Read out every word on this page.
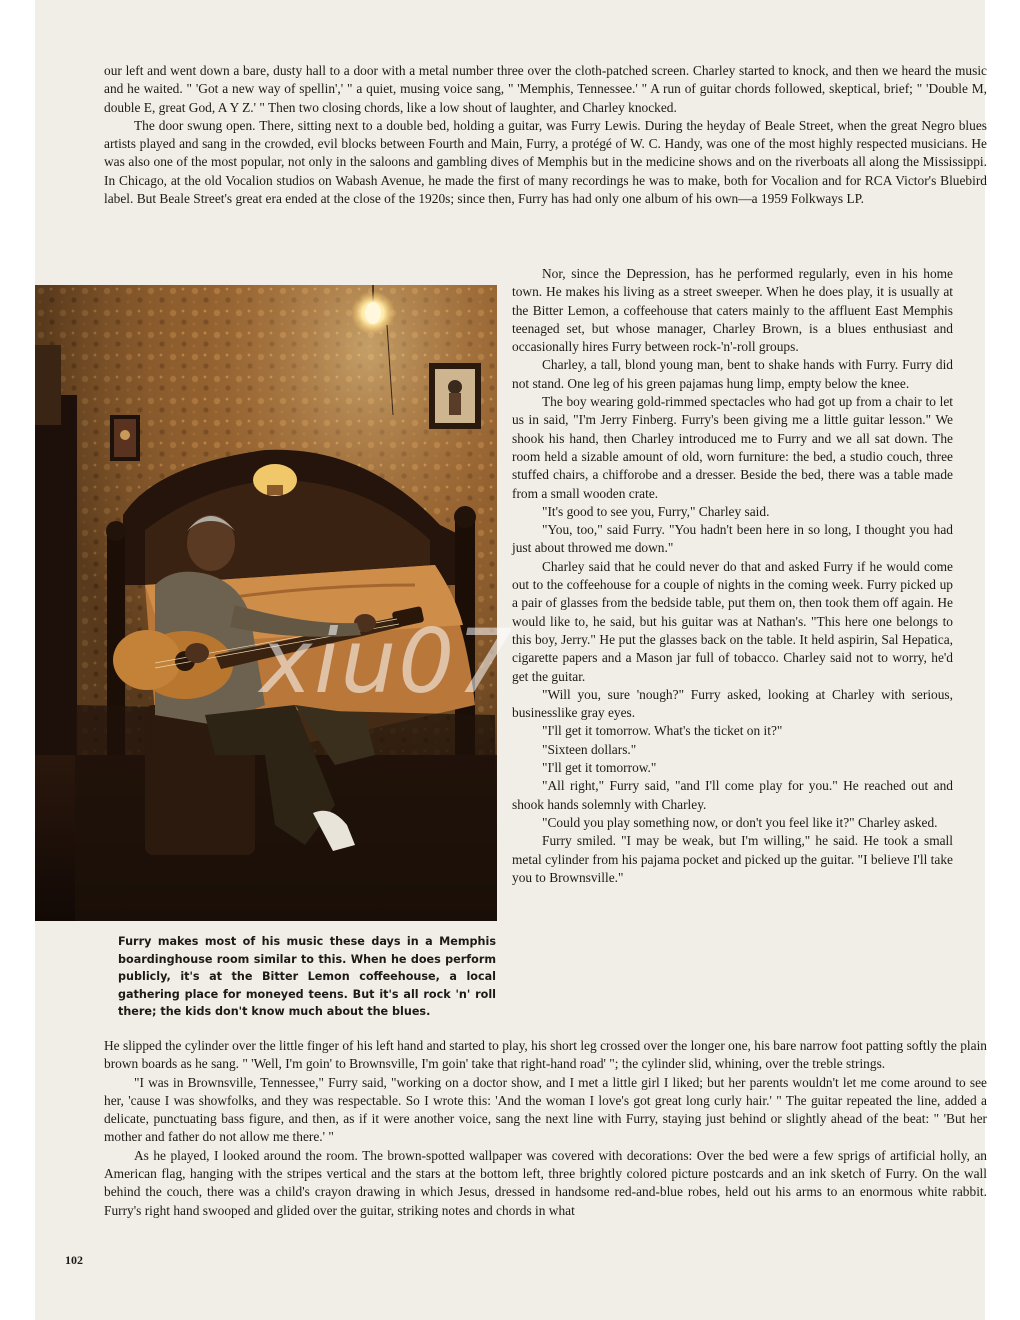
our left and went down a bare, dusty hall to a door with a metal number three over the cloth-patched screen. Charley started to knock, and then we heard the music and he waited. " 'Got a new way of spellin',' " a quiet, musing voice sang, " 'Memphis, Tennessee.' " A run of guitar chords followed, skeptical, brief; " 'Double M, double E, great God, A Y Z.' " Then two closing chords, like a low shout of laughter, and Charley knocked.

The door swung open. There, sitting next to a double bed, holding a guitar, was Furry Lewis. During the heyday of Beale Street, when the great Negro blues artists played and sang in the crowded, evil blocks between Fourth and Main, Furry, a protégé of W. C. Handy, was one of the most highly respected musicians. He was also one of the most popular, not only in the saloons and gambling dives of Memphis but in the medicine shows and on the riverboats all along the Mississippi. In Chicago, at the old Vocalion studios on Wabash Avenue, he made the first of many recordings he was to make, both for Vocalion and for RCA Victor's Bluebird label. But Beale Street's great era ended at the close of the 1920s; since then, Furry has had only one album of his own—a 1959 Folkways LP.

xiu07
Furry makes most of his music these days in a Memphis boardinghouse room similar to this. When he does perform publicly, it's at the Bitter Lemon coffeehouse, a local gathering place for moneyed teens. But it's all rock 'n' roll there; the kids don't know much about the blues.

Nor, since the Depression, has he performed regularly, even in his home town. He makes his living as a street sweeper. When he does play, it is usually at the Bitter Lemon, a coffeehouse that caters mainly to the affluent East Memphis teenaged set, but whose manager, Charley Brown, is a blues enthusiast and occasionally hires Furry between rock-'n'-roll groups.

Charley, a tall, blond young man, bent to shake hands with Furry. Furry did not stand. One leg of his green pajamas hung limp, empty below the knee.

The boy wearing gold-rimmed spectacles who had got up from a chair to let us in said, "I'm Jerry Finberg. Furry's been giving me a little guitar lesson." We shook his hand, then Charley introduced me to Furry and we all sat down. The room held a sizable amount of old, worn furniture: the bed, a studio couch, three stuffed chairs, a chifforobe and a dresser. Beside the bed, there was a table made from a small wooden crate.

"It's good to see you, Furry," Charley said.

"You, too," said Furry. "You hadn't been here in so long, I thought you had just about throwed me down."

Charley said that he could never do that and asked Furry if he would come out to the coffeehouse for a couple of nights in the coming week. Furry picked up a pair of glasses from the bedside table, put them on, then took them off again. He would like to, he said, but his guitar was at Nathan's. "This here one belongs to this boy, Jerry." He put the glasses back on the table. It held aspirin, Sal Hepatica, cigarette papers and a Mason jar full of tobacco. Charley said not to worry, he'd get the guitar.

"Will you, sure 'nough?" Furry asked, looking at Charley with serious, businesslike gray eyes.

"I'll get it tomorrow. What's the ticket on it?"

"Sixteen dollars."

"I'll get it tomorrow."

"All right," Furry said, "and I'll come play for you." He reached out and shook hands solemnly with Charley.

"Could you play something now, or don't you feel like it?" Charley asked.

Furry smiled. "I may be weak, but I'm willing," he said. He took a small metal cylinder from his pajama pocket and picked up the guitar. "I believe I'll take you to Brownsville."

He slipped the cylinder over the little finger of his left hand and started to play, his short leg crossed over the longer one, his bare narrow foot patting softly the plain brown boards as he sang. " 'Well, I'm goin' to Brownsville, I'm goin' take that right-hand road' "; the cylinder slid, whining, over the treble strings.

"I was in Brownsville, Tennessee," Furry said, "working on a doctor show, and I met a little girl I liked; but her parents wouldn't let me come around to see her, 'cause I was showfolks, and they was respectable. So I wrote this: 'And the woman I love's got great long curly hair.' " The guitar repeated the line, added a delicate, punctuating bass figure, and then, as if it were another voice, sang the next line with Furry, staying just behind or slightly ahead of the beat: " 'But her mother and father do not allow me there.' "

As he played, I looked around the room. The brown-spotted wallpaper was covered with decorations: Over the bed were a few sprigs of artificial holly, an American flag, hanging with the stripes vertical and the stars at the bottom left, three brightly colored picture postcards and an ink sketch of Furry. On the wall behind the couch, there was a child's crayon drawing in which Jesus, dressed in handsome red-and-blue robes, held out his arms to an enormous white rabbit. Furry's right hand swooped and glided over the guitar, striking notes and chords in what

102
